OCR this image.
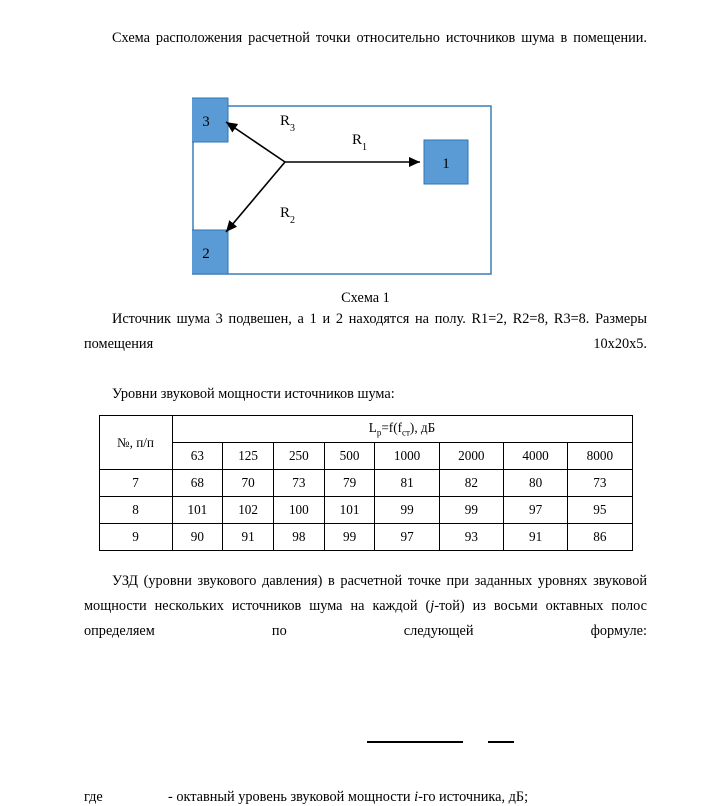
Схема расположения расчетной точки относительно источников шума в помещении.

3
2
1
$R_3$
$R_1$
$R_2$
Схема 1

Источник шума 3 подвешен, а 1 и 2 находятся на полу. R1=2, R2=8, R3=8. Размеры помещения 10х20х5.

Уровни звуковой мощности источников шума:

№, п/п	$L_р=f(f_{ст})$, дБ							
	63	125	250	500	1000	2000	4000	8000
7	68	70	73	79	81	82	80	73
8	101	102	100	101	99	99	97	95
9	90	91	98	99	97	93	91	86

УЗД (уровни звукового давления) в расчетной точке при заданных уровнях звуковой мощности нескольких источников шума на каждой (j-той) из восьми октавных полос определяем по следующей формуле:

где	- октавный уровень звуковой мощности i-го источника, дБ;
